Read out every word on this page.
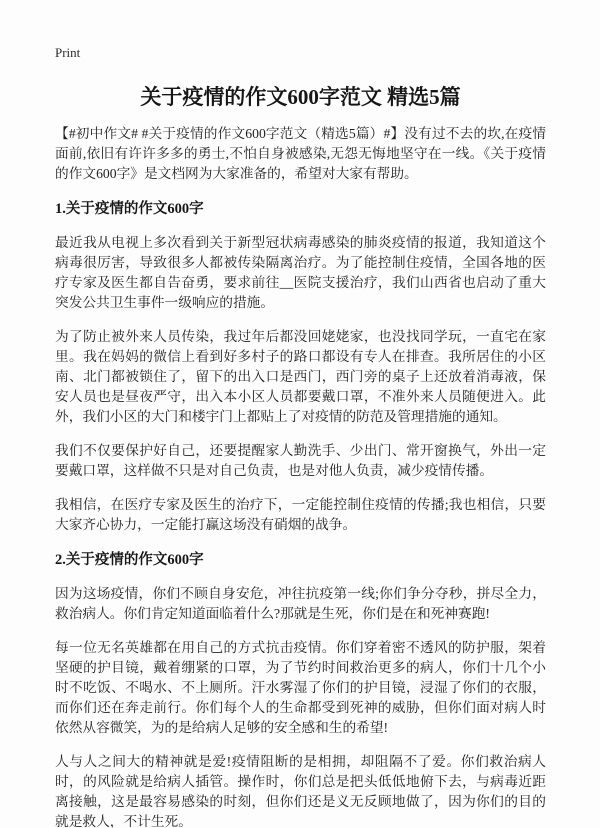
Print
关于疫情的作文600字范文 精选5篇

【#初中作文# #关于疫情的作文600字范文（精选5篇）#】没有过不去的坎,在疫情面前,依旧有许许多多的勇士,不怕自身被感染,无怨无悔地坚守在一线。《关于疫情的作文600字》是文档网为大家准备的，希望对大家有帮助。

1.关于疫情的作文600字

最近我从电视上多次看到关于新型冠状病毒感染的肺炎疫情的报道，我知道这个病毒很厉害，导致很多人都被传染隔离治疗。为了能控制住疫情，全国各地的医疗专家及医生都自告奋勇，要求前往__医院支援治疗，我们山西省也启动了重大突发公共卫生事件一级响应的措施。

为了防止被外来人员传染，我过年后都没回姥姥家，也没找同学玩，一直宅在家里。我在妈妈的微信上看到好多村子的路口都设有专人在排查。我所居住的小区南、北门都被锁住了，留下的出入口是西门，西门旁的桌子上还放着消毒液，保安人员也是昼夜严守，出入本小区人员都要戴口罩，不准外来人员随便进入。此外，我们小区的大门和楼宇门上都贴上了对疫情的防范及管理措施的通知。

我们不仅要保护好自己，还要提醒家人勤洗手、少出门、常开窗换气，外出一定要戴口罩，这样做不只是对自己负责，也是对他人负责，减少疫情传播。

我相信，在医疗专家及医生的治疗下，一定能控制住疫情的传播;我也相信，只要大家齐心协力，一定能打赢这场没有硝烟的战争。

2.关于疫情的作文600字

因为这场疫情，你们不顾自身安危，冲往抗疫第一线;你们争分夺秒，拼尽全力，救治病人。你们肯定知道面临着什么?那就是生死，你们是在和死神赛跑!

每一位无名英雄都在用自己的方式抗击疫情。你们穿着密不透风的防护服，架着坚硬的护目镜，戴着绷紧的口罩，为了节约时间救治更多的病人，你们十几个小时不吃饭、不喝水、不上厕所。汗水雾湿了你们的护目镜，浸湿了你们的衣服，而你们还在奔走前行。你们每个人的生命都受到死神的威胁，但你们面对病人时依然从容微笑，为的是给病人足够的安全感和生的希望!

人与人之间大的精神就是爱!疫情阻断的是相拥，却阻隔不了爱。你们救治病人时，的风险就是给病人插管。操作时，你们总是把头低低地俯下去，与病毒近距离接触，这是最容易感染的时刻，但你们还是义无反顾地做了，因为你们的目的就是救人，不计生死。
